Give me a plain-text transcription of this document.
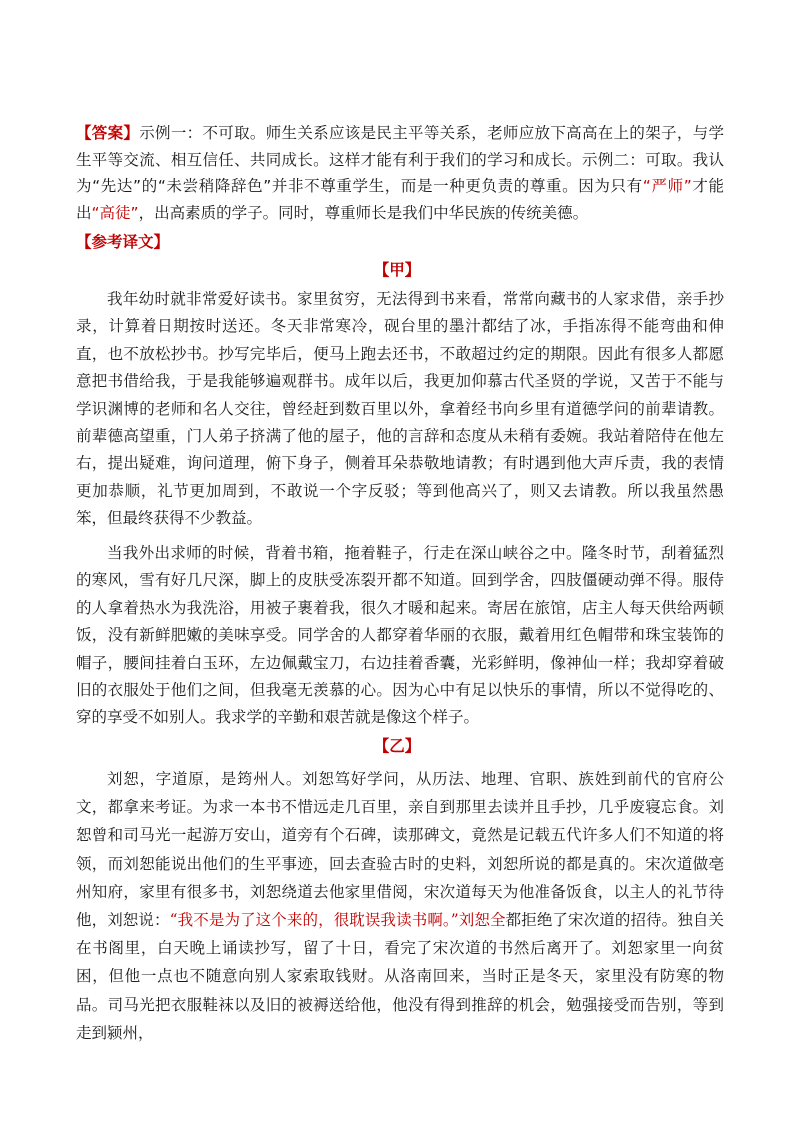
【答案】示例一：不可取。师生关系应该是民主平等关系，老师应放下高高在上的架子，与学生平等交流、相互信任、共同成长。这样才能有利于我们的学习和成长。示例二：可取。我认为“先达”的“未尝稍降辞色”并非不尊重学生，而是一种更负责的尊重。因为只有“严师”才能出“高徒”，出高素质的学子。同时，尊重师长是我们中华民族的传统美德。
【参考译文】
【甲】

我年幼时就非常爱好读书。家里贫穷，无法得到书来看，常常向藏书的人家求借，亲手抄录，计算着日期按时送还。冬天非常寒冷，砚台里的墨汁都结了冰，手指冻得不能弯曲和伸直，也不放松抄书。抄写完毕后，便马上跑去还书，不敢超过约定的期限。因此有很多人都愿意把书借给我，于是我能够遍观群书。成年以后，我更加仰慕古代圣贤的学说，又苦于不能与学识渊博的老师和名人交往，曾经赶到数百里以外，拿着经书向乡里有道德学问的前辈请教。前辈德高望重，门人弟子挤满了他的屋子，他的言辞和态度从未稍有委婉。我站着陪侍在他左右，提出疑难，询问道理，俯下身子，侧着耳朵恭敬地请教；有时遇到他大声斥责，我的表情更加恭顺，礼节更加周到，不敢说一个字反驳；等到他高兴了，则又去请教。所以我虽然愚笨，但最终获得不少教益。

当我外出求师的时候，背着书箱，拖着鞋子，行走在深山峡谷之中。隆冬时节，刮着猛烈的寒风，雪有好几尺深，脚上的皮肤受冻裂开都不知道。回到学舍，四肢僵硬动弹不得。服侍的人拿着热水为我洗浴，用被子裹着我，很久才暖和起来。寄居在旅馆，店主人每天供给两顿饭，没有新鲜肥嫩的美味享受。同学舍的人都穿着华丽的衣服，戴着用红色帽带和珠宝装饰的帽子，腰间挂着白玉环，左边佩戴宝刀，右边挂着香囊，光彩鲜明，像神仙一样；我却穿着破旧的衣服处于他们之间，但我毫无羡慕的心。因为心中有足以快乐的事情，所以不觉得吃的、穿的享受不如别人。我求学的辛勤和艰苦就是像这个样子。

【乙】

刘恕，字道原，是筠州人。刘恕笃好学问，从历法、地理、官职、族姓到前代的官府公文，都拿来考证。为求一本书不惜远走几百里，亲自到那里去读并且手抄，几乎废寝忘食。刘恕曾和司马光一起游万安山，道旁有个石碑，读那碑文，竟然是记载五代许多人们不知道的将领，而刘恕能说出他们的生平事迹，回去查验古时的史料，刘恕所说的都是真的。宋次道做亳州知府，家里有很多书，刘恕绕道去他家里借阅，宋次道每天为他准备饭食，以主人的礼节待他，刘恕说：“我不是为了这个来的，很耽误我读书啊。”刘恕全都拒绝了宋次道的招待。独自关在书阁里，白天晚上诵读抄写，留了十日，看完了宋次道的书然后离开了。刘恕家里一向贫困，但他一点也不随意向别人家索取钱财。从洛南回来，当时正是冬天，家里没有防寒的物品。司马光把衣服鞋袜以及旧的被褥送给他，他没有得到推辞的机会，勉强接受而告别，等到走到颍州，
